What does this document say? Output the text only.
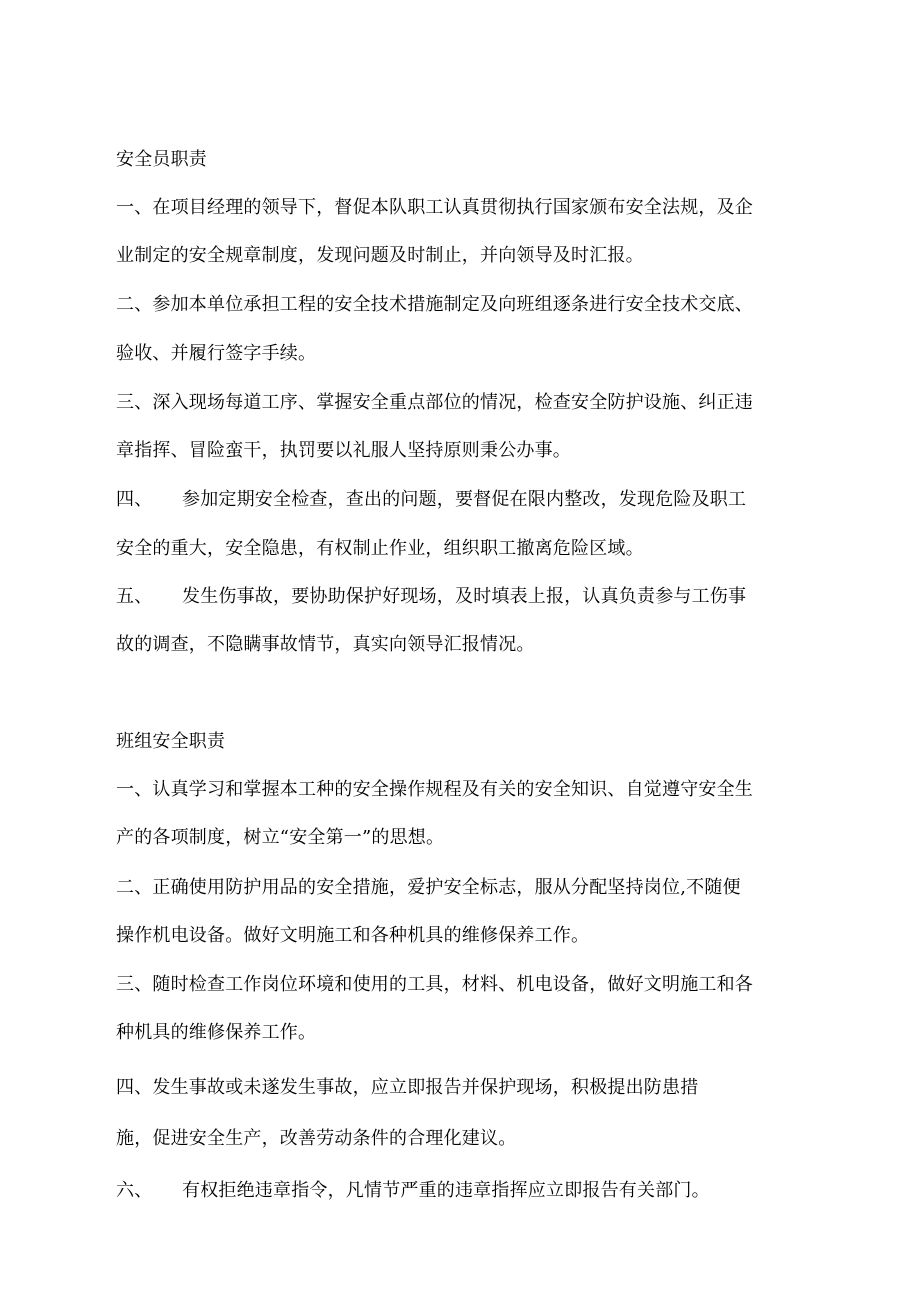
安全员职责
一、在项目经理的领导下，督促本队职工认真贯彻执行国家颁布安全法规，及企
业制定的安全规章制度，发现问题及时制止，并向领导及时汇报。
二、参加本单位承担工程的安全技术措施制定及向班组逐条进行安全技术交底、
验收、并履行签字手续。
三、深入现场每道工序、掌握安全重点部位的情况，检查安全防护设施、纠正违
章指挥、冒险蛮干，执罚要以礼服人坚持原则秉公办事。
四、 参加定期安全检查，查出的问题，要督促在限内整改，发现危险及职工
安全的重大，安全隐患，有权制止作业，组织职工撤离危险区域。
五、 发生伤事故，要协助保护好现场，及时填表上报，认真负责参与工伤事
故的调查，不隐瞒事故情节，真实向领导汇报情况。
班组安全职责
一、认真学习和掌握本工种的安全操作规程及有关的安全知识、自觉遵守安全生
产的各项制度，树立“安全第一”的思想。
二、正确使用防护用品的安全措施，爱护安全标志，服从分配坚持岗位,不随便
操作机电设备。做好文明施工和各种机具的维修保养工作。
三、随时检查工作岗位环境和使用的工具，材料、机电设备，做好文明施工和各
种机具的维修保养工作。
四、发生事故或未遂发生事故，应立即报告并保护现场，积极提出防患措
施，促进安全生产，改善劳动条件的合理化建议。
六、 有权拒绝违章指令，凡情节严重的违章指挥应立即报告有关部门。
